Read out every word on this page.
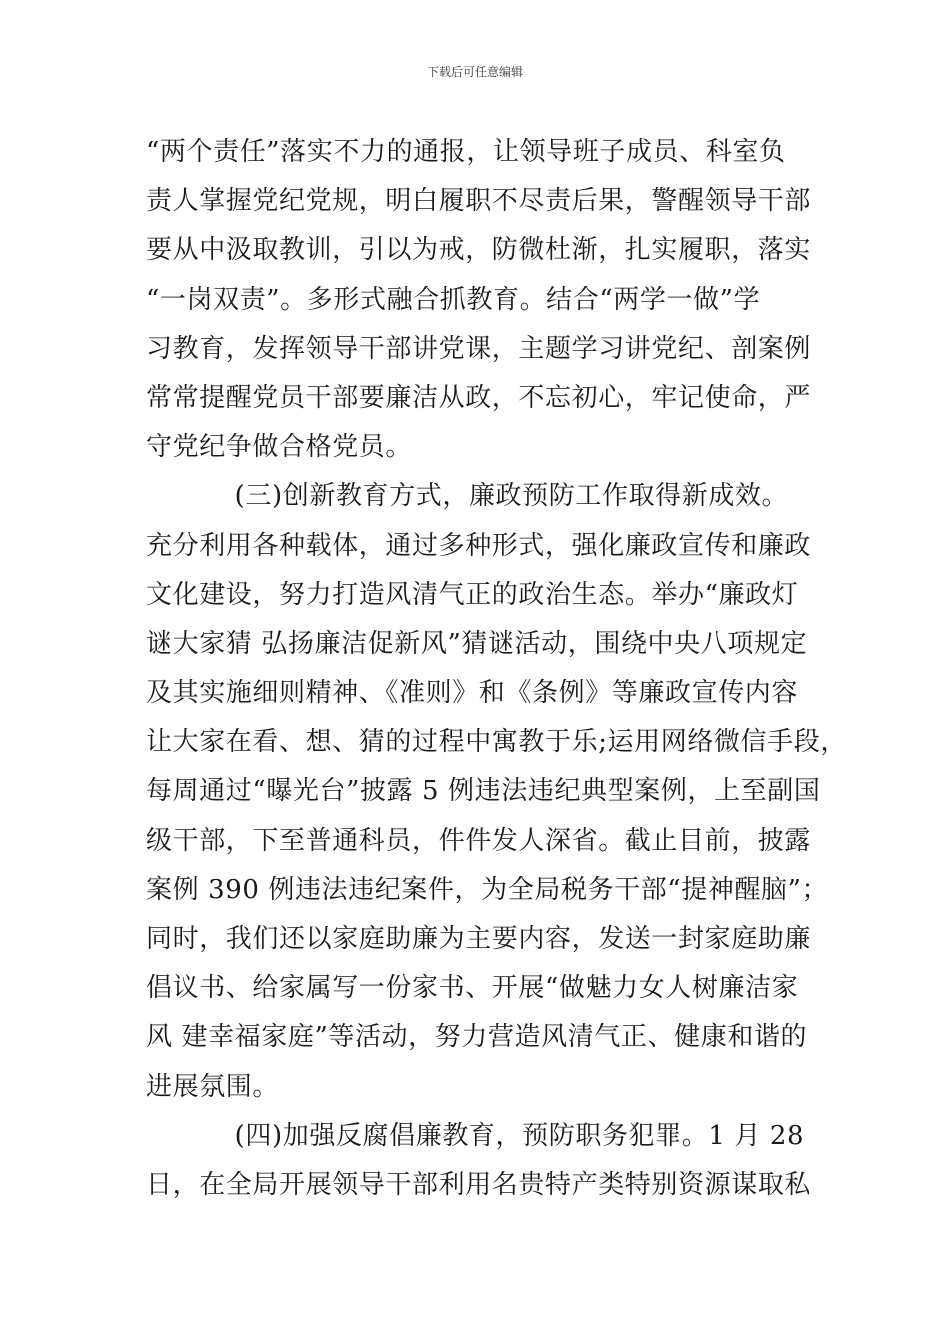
下载后可任意编辑
“两个责任”落实不力的通报，让领导班子成员、科室负
责人掌握党纪党规，明白履职不尽责后果，警醒领导干部
要从中汲取教训，引以为戒，防微杜渐，扎实履职，落实
“一岗双责”。多形式融合抓教育。结合“两学一做”学
习教育，发挥领导干部讲党课，主题学习讲党纪、剖案例
常常提醒党员干部要廉洁从政，不忘初心，牢记使命，严
守党纪争做合格党员。
　　　 (三)创新教育方式，廉政预防工作取得新成效。
充分利用各种载体，通过多种形式，强化廉政宣传和廉政
文化建设，努力打造风清气正的政治生态。举办“廉政灯
谜大家猜 弘扬廉洁促新风”猜谜活动，围绕中央八项规定
及其实施细则精神、《准则》和《条例》等廉政宣传内容
让大家在看、想、猜的过程中寓教于乐;运用网络微信手段，
每周通过“曝光台”披露 5 例违法违纪典型案例，上至副国
级干部，下至普通科员，件件发人深省。截止目前，披露
案例 390 例违法违纪案件，为全局税务干部“提神醒脑”；
同时，我们还以家庭助廉为主要内容，发送一封家庭助廉
倡议书、给家属写一份家书、开展“做魅力女人树廉洁家
风 建幸福家庭”等活动，努力营造风清气正、健康和谐的
进展氛围。
　　　 (四)加强反腐倡廉教育，预防职务犯罪。1 月 28
日，在全局开展领导干部利用名贵特产类特别资源谋取私
